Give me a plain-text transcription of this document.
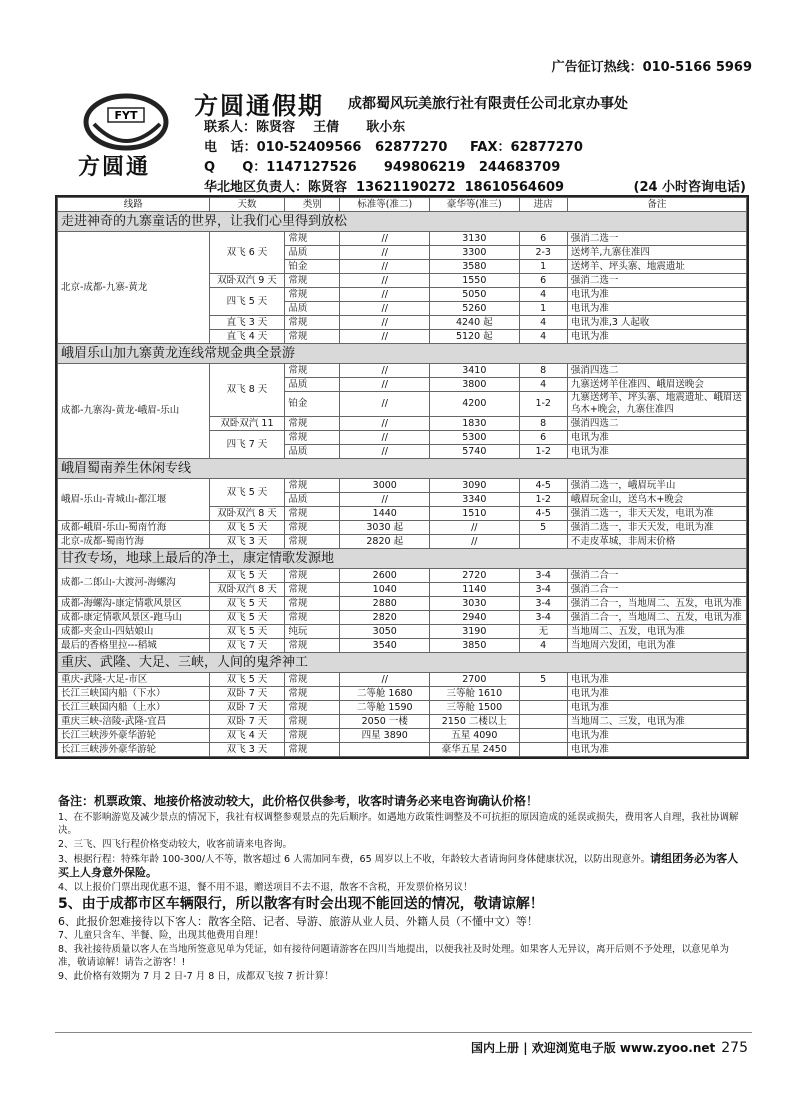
广告征订热线：010-5166 5969
FYT
方圆通
方圆通假期 成都蜀风玩美旅行社有限责任公司北京办事处
联系人：陈贤容    王倩      耿小东
电   话：010-52409566   62877270     FAX：62877270
Q      Q：1147127526      949806219   244683709
华北地区负责人：陈贤容  13621190272  18610564609	(24 小时咨询电话)
线路	天数	类别	标准等(准二)	豪华等(准三)	进店	备注
走进神奇的九寨童话的世界，让我们心里得到放松						
北京-成都-九寨-黄龙	双飞 6 天	常规	//	3130	6	强消二选一
		品质	//	3300	2-3	送烤羊,九寨住准四
		铂金	//	3580	1	送烤羊、坪头寨、地震遗址
	双卧双汽 9 天	常规	//	1550	6	强消二选一
	四飞 5 天	常规	//	5050	4	电讯为准
		品质	//	5260	1	电讯为准
	直飞 3 天	常规	//	4240 起	4	电讯为准,3 人起收
	直飞 4 天	常规	//	5120 起	4	电讯为准
峨眉乐山加九寨黄龙连线常规金典全景游						
成都-九寨沟-黄龙-峨眉-乐山	双飞 8 天	常规	//	3410	8	强消四选二
		品质	//	3800	4	九寨送烤羊住准四、峨眉送晚会
		铂金	//	4200	1-2	九寨送烤羊、坪头寨、地震遗址、峨眉送乌木+晚会，九寨住准四
	双卧双汽 11	常规	//	1830	8	强消四选二
	四飞 7 天	常规	//	5300	6	电讯为准
		品质	//	5740	1-2	电讯为准
峨眉蜀南养生休闲专线						
峨眉-乐山-青城山-都江堰	双飞 5 天	常规	3000	3090	4-5	强消二选一，峨眉玩半山
		品质	//	3340	1-2	峨眉玩金山，送乌木+晚会
	双卧双汽 8 天	常规	1440	1510	4-5	强消二选一，非天天发，电讯为准
成都-峨眉-乐山-蜀南竹海	双飞 5 天	常规	3030 起	//	5	强消二选一，非天天发，电讯为准
北京-成都-蜀南竹海	双飞 3 天	常规	2820 起	//		不走皮革城，非周末价格
甘孜专场，地球上最后的净土，康定情歌发源地						
成都-二郎山-大渡河-海螺沟	双飞 5 天	常规	2600	2720	3-4	强消二合一
	双卧双汽 8 天	常规	1040	1140	3-4	强消二合一
成都-海螺沟-康定情歌风景区	双飞 5 天	常规	2880	3030	3-4	强消二合一，当地周二、五发，电讯为准
成都-康定情歌风景区-跑马山	双飞 5 天	常规	2820	2940	3-4	强消二合一，当地周二、五发，电讯为准
成都-夹金山-四姑娘山	双飞 5 天	纯玩	3050	3190	无	当地周二、五发，电讯为准
最后的香格里拉---稻城	双飞 7 天	常规	3540	3850	4	当地周六发团，电讯为准
重庆、武隆、大足、三峡，人间的鬼斧神工						
重庆-武隆-大足-市区	双飞 5 天	常规	//	2700	5	电讯为准
长江三峡国内船（下水）	双卧 7 天	常规	二等舱 1680	三等舱 1610		电讯为准
长江三峡国内船（上水）	双卧 7 天	常规	二等舱 1590	三等舱 1500		电讯为准
重庆三峡-涪陵-武隆-宜昌	双卧 7 天	常规	2050 一楼	2150 二楼以上		当地周二、三发，电讯为准
长江三峡涉外豪华游轮	双飞 4 天	常规	四星 3890	五星 4090		电讯为准
长江三峡涉外豪华游轮	双飞 3 天	常规		豪华五星 2450		电讯为准
备注：机票政策、地接价格波动较大，此价格仅供参考，收客时请务必来电咨询确认价格！
1、在不影响游览及减少景点的情况下，我社有权调整参观景点的先后顺序。如遇地方政策性调整及不可抗拒的原因造成的延误或损失，费用客人自理，我社协调解决。
2、三飞、四飞行程价格变动较大，收客前请来电咨询。
3、根据行程：特殊年龄 100-300/人不等，散客超过 6 人需加同车费，65 周岁以上不收，年龄较大者请询问身体健康状况，以防出现意外。请组团务必为客人买上人身意外保险。
4、以上报价门票出现优惠不退，餐不用不退，赠送项目不去不退，散客不含税，开发票价格另议！
5、由于成都市区车辆限行，所以散客有时会出现不能回送的情况，敬请谅解！
6、此报价恕难接待以下客人：散客全陪、记者、导游、旅游从业人员、外籍人员（不懂中文）等！
7、儿童只含车、半餐、险，出现其他费用自理！
8、我社接待质量以客人在当地所签意见单为凭证，如有接待问题请游客在四川当地提出，以便我社及时处理。如果客人无异议，离开后则不予处理，以意见单为准，敬请谅解！请告之游客！!
9、此价格有效期为 7 月 2 日-7 月 8 日，成都双飞按 7 折计算！
国内上册 | 欢迎浏览电子版 www.zyoo.net 275
